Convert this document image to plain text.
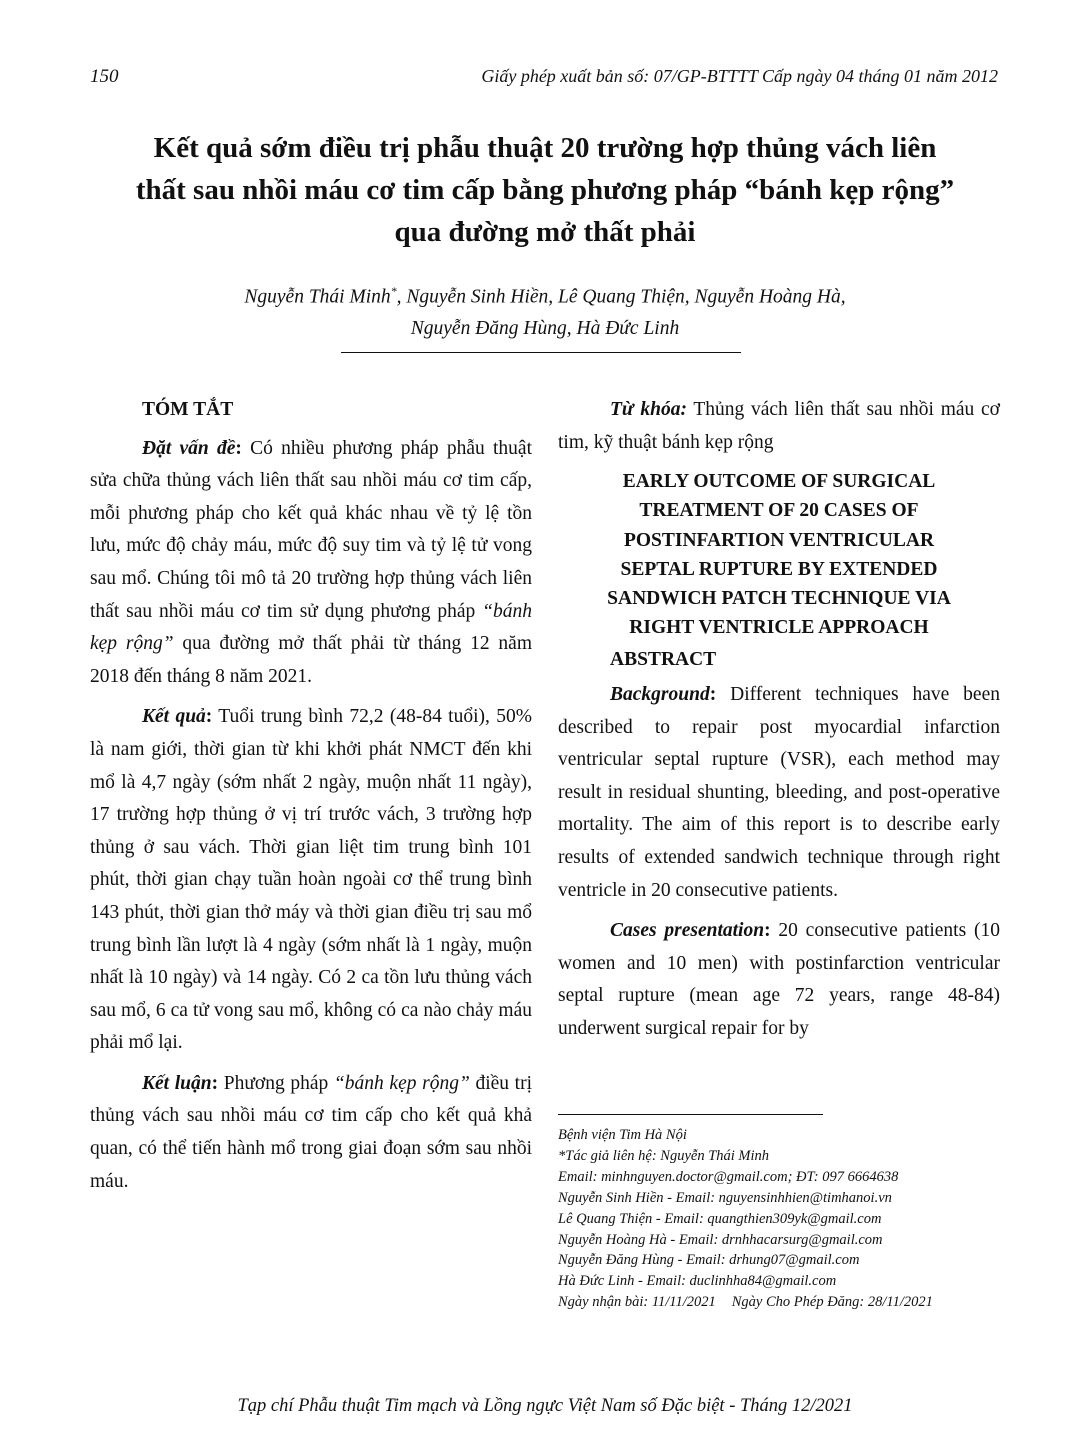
150	Giấy phép xuất bản số: 07/GP-BTTTT Cấp ngày 04 tháng 01 năm 2012
Kết quả sớm điều trị phẫu thuật 20 trường hợp thủng vách liên
thất sau nhồi máu cơ tim cấp bằng phương pháp “bánh kẹp rộng”
qua đường mở thất phải
Nguyễn Thái Minh*, Nguyễn Sinh Hiền, Lê Quang Thiện, Nguyễn Hoàng Hà,
Nguyễn Đăng Hùng, Hà Đức Linh
TÓM TẮT

Đặt vấn đề: Có nhiều phương pháp phẫu thuật sửa chữa thủng vách liên thất sau nhồi máu cơ tim cấp, mỗi phương pháp cho kết quả khác nhau về tỷ lệ tồn lưu, mức độ chảy máu, mức độ suy tim và tỷ lệ tử vong sau mổ. Chúng tôi mô tả 20 trường hợp thủng vách liên thất sau nhồi máu cơ tim sử dụng phương pháp “bánh kẹp rộng” qua đường mở thất phải từ tháng 12 năm 2018 đến tháng 8 năm 2021.

Kết quả: Tuổi trung bình 72,2 (48-84 tuổi), 50% là nam giới, thời gian từ khi khởi phát NMCT đến khi mổ là 4,7 ngày (sớm nhất 2 ngày, muộn nhất 11 ngày), 17 trường hợp thủng ở vị trí trước vách, 3 trường hợp thủng ở sau vách. Thời gian liệt tim trung bình 101 phút, thời gian chạy tuần hoàn ngoài cơ thể trung bình 143 phút, thời gian thở máy và thời gian điều trị sau mổ trung bình lần lượt là 4 ngày (sớm nhất là 1 ngày, muộn nhất là 10 ngày) và 14 ngày. Có 2 ca tồn lưu thủng vách sau mổ, 6 ca tử vong sau mổ, không có ca nào chảy máu phải mổ lại.

Kết luận: Phương pháp “bánh kẹp rộng” điều trị thủng vách sau nhồi máu cơ tim cấp cho kết quả khả quan, có thể tiến hành mổ trong giai đoạn sớm sau nhồi máu.

Từ khóa: Thủng vách liên thất sau nhồi máu cơ tim, kỹ thuật bánh kẹp rộng

EARLY OUTCOME OF SURGICAL
TREATMENT OF 20 CASES OF
POSTINFARTION VENTRICULAR
SEPTAL RUPTURE BY EXTENDED
SANDWICH PATCH TECHNIQUE VIA
RIGHT VENTRICLE APPROACH
ABSTRACT

Background: Different techniques have been described to repair post myocardial infarction ventricular septal rupture (VSR), each method may result in residual shunting, bleeding, and post-operative mortality. The aim of this report is to describe early results of extended sandwich technique through right ventricle in 20 consecutive patients.

Cases presentation: 20 consecutive patients (10 women and 10 men) with postinfarction ventricular septal rupture (mean age 72 years, range 48-84) underwent surgical repair for by

Bệnh viện Tim Hà Nội
*Tác giả liên hệ: Nguyễn Thái Minh
Email: minhnguyen.doctor@gmail.com; ĐT: 097 6664638
Nguyễn Sinh Hiền - Email: nguyensinhhien@timhanoi.vn
Lê Quang Thiện - Email: quangthien309yk@gmail.com
Nguyễn Hoàng Hà - Email: drnhhacarsurg@gmail.com
Nguyễn Đăng Hùng - Email: drhung07@gmail.com
Hà Đức Linh - Email: duclinhha84@gmail.com
Ngày nhận bài: 11/11/2021 Ngày Cho Phép Đăng: 28/11/2021
Tạp chí Phẫu thuật Tim mạch và Lồng ngực Việt Nam số Đặc biệt - Tháng 12/2021
